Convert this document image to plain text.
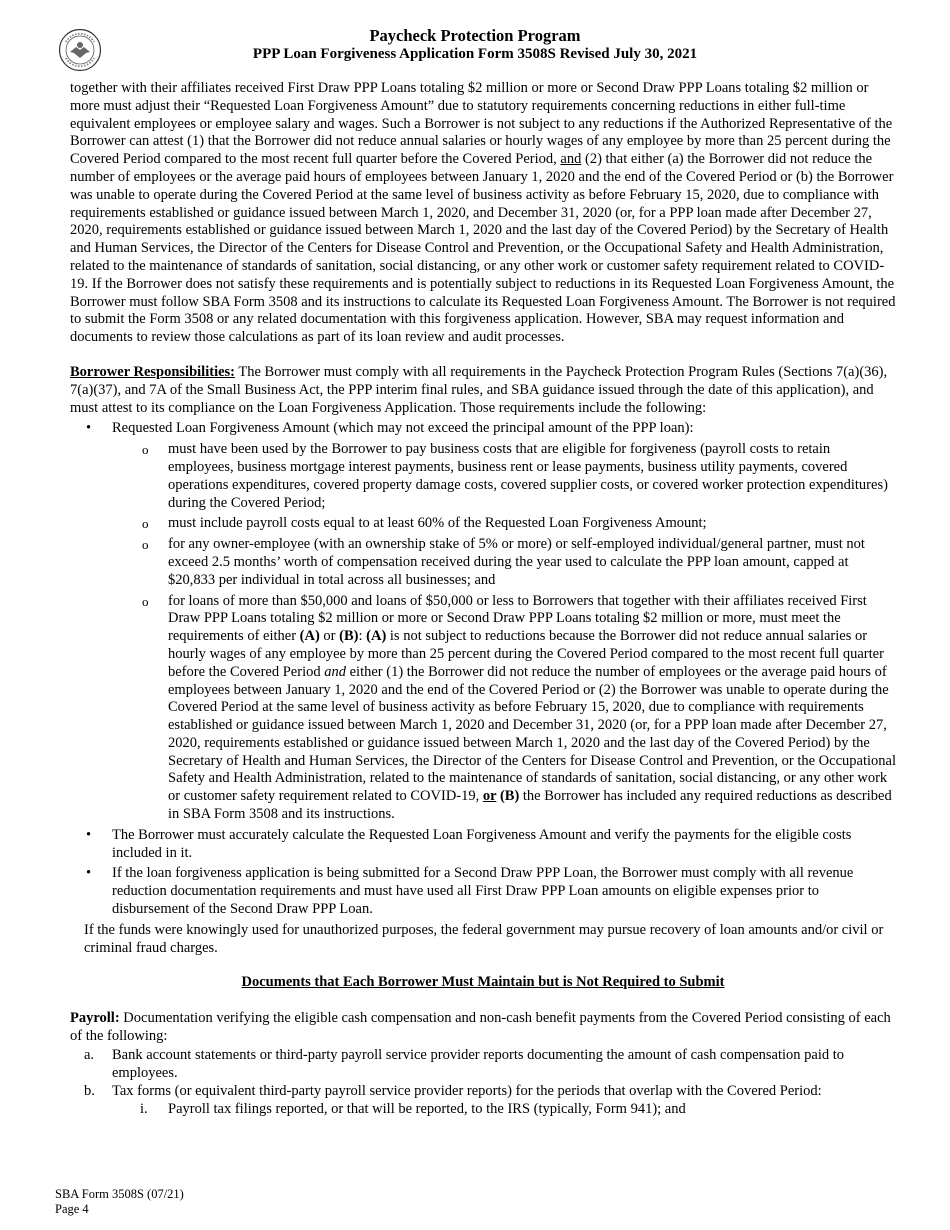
Paycheck Protection Program
PPP Loan Forgiveness Application Form 3508S Revised July 30, 2021

together with their affiliates received First Draw PPP Loans totaling $2 million or more or Second Draw PPP Loans totaling $2 million or more must adjust their “Requested Loan Forgiveness Amount” due to statutory requirements concerning reductions in either full-time equivalent employees or employee salary and wages. Such a Borrower is not subject to any reductions if the Authorized Representative of the Borrower can attest (1) that the Borrower did not reduce annual salaries or hourly wages of any employee by more than 25 percent during the Covered Period compared to the most recent full quarter before the Covered Period, and (2) that either (a) the Borrower did not reduce the number of employees or the average paid hours of employees between January 1, 2020 and the end of the Covered Period or (b) the Borrower was unable to operate during the Covered Period at the same level of business activity as before February 15, 2020, due to compliance with requirements established or guidance issued between March 1, 2020, and December 31, 2020 (or, for a PPP loan made after December 27, 2020, requirements established or guidance issued between March 1, 2020 and the last day of the Covered Period) by the Secretary of Health and Human Services, the Director of the Centers for Disease Control and Prevention, or the Occupational Safety and Health Administration, related to the maintenance of standards of sanitation, social distancing, or any other work or customer safety requirement related to COVID-19. If the Borrower does not satisfy these requirements and is potentially subject to reductions in its Requested Loan Forgiveness Amount, the Borrower must follow SBA Form 3508 and its instructions to calculate its Requested Loan Forgiveness Amount. The Borrower is not required to submit the Form 3508 or any related documentation with this forgiveness application. However, SBA may request information and documents to review those calculations as part of its loan review and audit processes.

Borrower Responsibilities: The Borrower must comply with all requirements in the Paycheck Protection Program Rules (Sections 7(a)(36), 7(a)(37), and 7A of the Small Business Act, the PPP interim final rules, and SBA guidance issued through the date of this application), and must attest to its compliance on the Loan Forgiveness Application. Those requirements include the following:

• Requested Loan Forgiveness Amount (which may not exceed the principal amount of the PPP loan):
o must have been used by the Borrower to pay business costs that are eligible for forgiveness (payroll costs to retain employees, business mortgage interest payments, business rent or lease payments, business utility payments, covered operations expenditures, covered property damage costs, covered supplier costs, or covered worker protection expenditures) during the Covered Period;
o must include payroll costs equal to at least 60% of the Requested Loan Forgiveness Amount;
o for any owner-employee (with an ownership stake of 5% or more) or self-employed individual/general partner, must not exceed 2.5 months’ worth of compensation received during the year used to calculate the PPP loan amount, capped at $20,833 per individual in total across all businesses; and
o for loans of more than $50,000 and loans of $50,000 or less to Borrowers that together with their affiliates received First Draw PPP Loans totaling $2 million or more or Second Draw PPP Loans totaling $2 million or more, must meet the requirements of either (A) or (B): (A) is not subject to reductions because the Borrower did not reduce annual salaries or hourly wages of any employee by more than 25 percent during the Covered Period compared to the most recent full quarter before the Covered Period and either (1) the Borrower did not reduce the number of employees or the average paid hours of employees between January 1, 2020 and the end of the Covered Period or (2) the Borrower was unable to operate during the Covered Period at the same level of business activity as before February 15, 2020, due to compliance with requirements established or guidance issued between March 1, 2020 and December 31, 2020 (or, for a PPP loan made after December 27, 2020, requirements established or guidance issued between March 1, 2020 and the last day of the Covered Period) by the Secretary of Health and Human Services, the Director of the Centers for Disease Control and Prevention, or the Occupational Safety and Health Administration, related to the maintenance of standards of sanitation, social distancing, or any other work or customer safety requirement related to COVID-19, or (B) the Borrower has included any required reductions as described in SBA Form 3508 and its instructions.
• The Borrower must accurately calculate the Requested Loan Forgiveness Amount and verify the payments for the eligible costs included in it.
• If the loan forgiveness application is being submitted for a Second Draw PPP Loan, the Borrower must comply with all revenue reduction documentation requirements and must have used all First Draw PPP Loan amounts on eligible expenses prior to disbursement of the Second Draw PPP Loan.

If the funds were knowingly used for unauthorized purposes, the federal government may pursue recovery of loan amounts and/or civil or criminal fraud charges.

Documents that Each Borrower Must Maintain but is Not Required to Submit

Payroll: Documentation verifying the eligible cash compensation and non-cash benefit payments from the Covered Period consisting of each of the following:

a. Bank account statements or third-party payroll service provider reports documenting the amount of cash compensation paid to employees.
b. Tax forms (or equivalent third-party payroll service provider reports) for the periods that overlap with the Covered Period:
i. Payroll tax filings reported, or that will be reported, to the IRS (typically, Form 941); and
SBA Form 3508S (07/21)
Page 4
